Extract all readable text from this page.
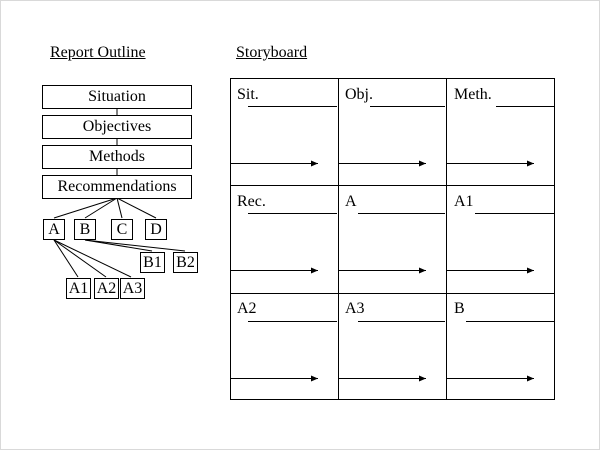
Report Outline
Situation
Objectives
Methods
Recommendations
A	B	C	D
B1 B2
A1 A2 A3
Storyboard
Sit.	Obj.	Meth.
Rec.	A	A1
A2	A3	B
